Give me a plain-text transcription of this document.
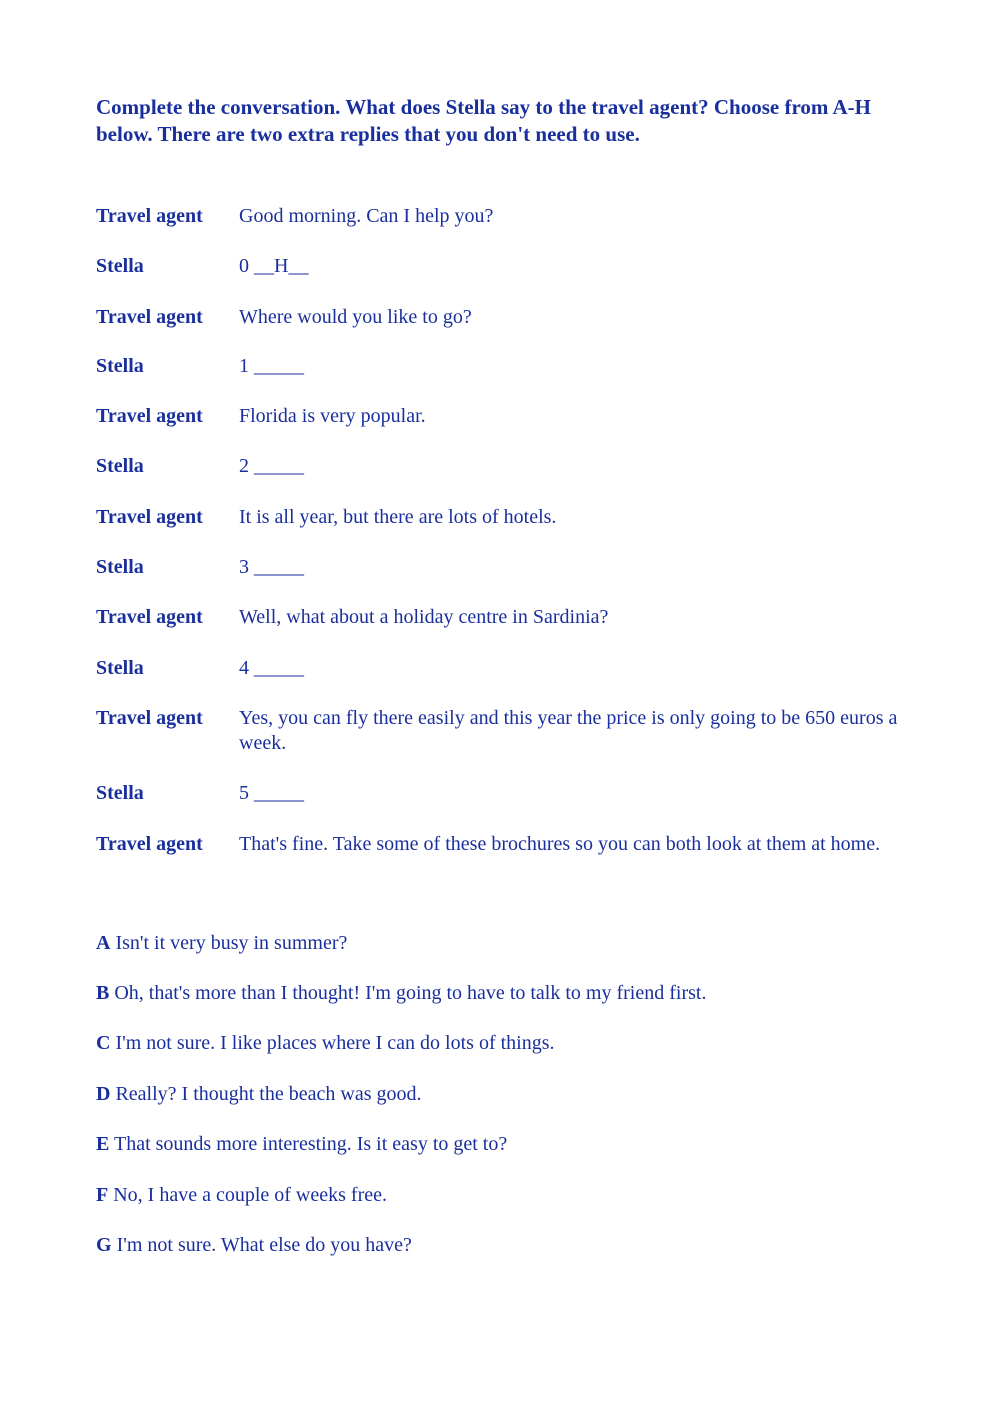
Complete the conversation. What does Stella say to the travel agent? Choose from A-H below. There are two extra replies that you don't need to use.

Travel agent	Good morning. Can I help you?
Stella	0 __H__
Travel agent	Where would you like to go?
Stella	1 _____
Travel agent	Florida is very popular.
Stella	2 _____
Travel agent	It is all year, but there are lots of hotels.
Stella	3 _____
Travel agent	Well, what about a holiday centre in Sardinia?
Stella	4 _____
Travel agent	Yes, you can fly there easily and this year the price is only going to be 650 euros a week.
Stella	5 _____
Travel agent	That's fine. Take some of these brochures so you can both look at them at home.
A Isn't it very busy in summer?
B Oh, that's more than I thought! I'm going to have to talk to my friend first.
C I'm not sure. I like places where I can do lots of things.
D Really? I thought the beach was good.
E That sounds more interesting. Is it easy to get to?
F No, I have a couple of weeks free.
G I'm not sure. What else do you have?
